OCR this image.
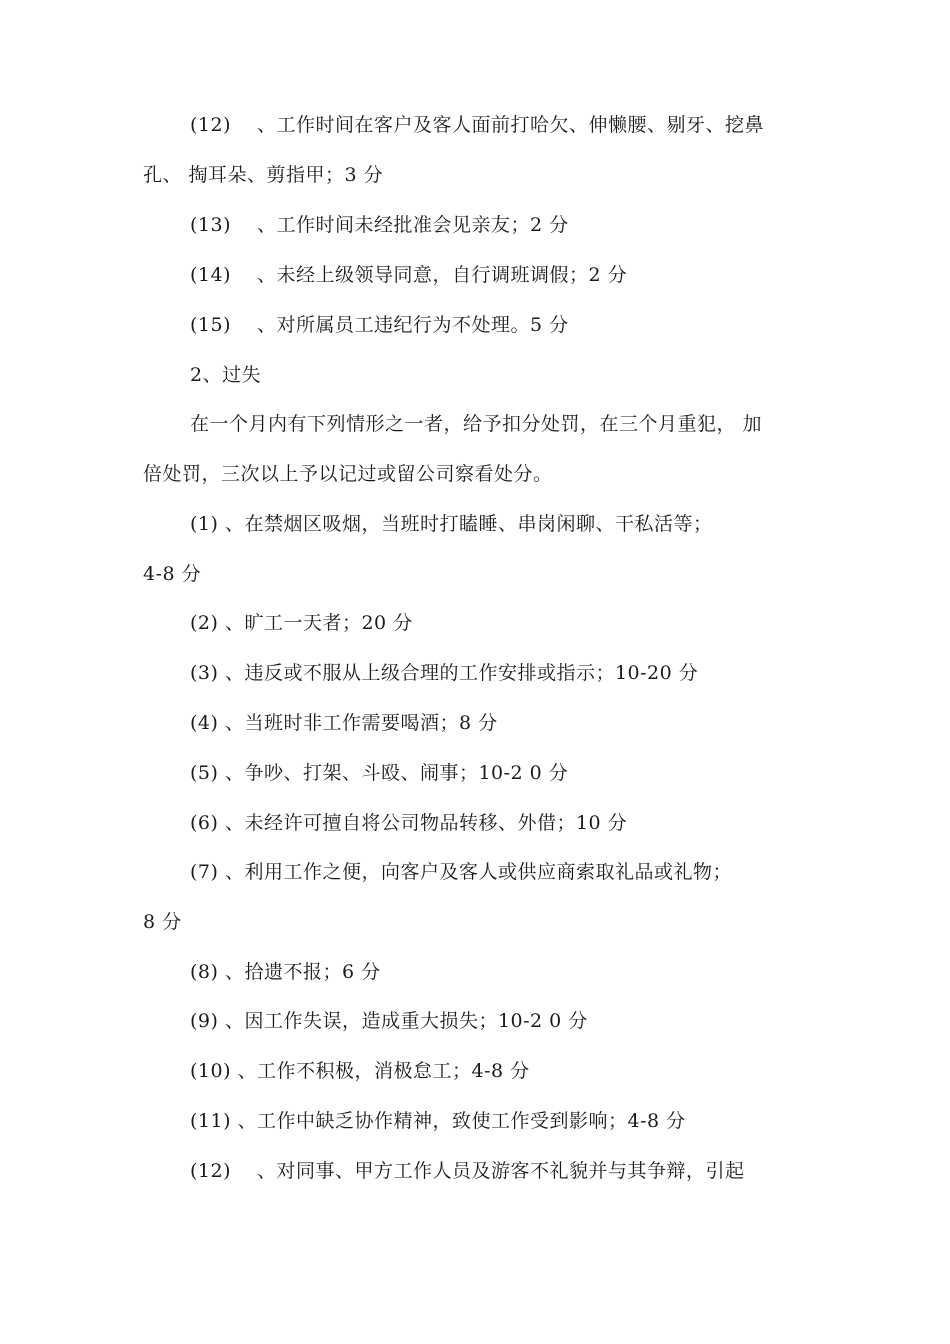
(12)　 、工作时间在客户及客人面前打哈欠、伸懒腰、剔牙、挖鼻
孔、 掏耳朵、剪指甲；3 分
(13)　 、工作时间未经批准会见亲友；2 分
(14)　 、未经上级领导同意，自行调班调假；2 分
(15)　 、对所属员工违纪行为不处理。5 分
2、过失
在一个月内有下列情形之一者，给予扣分处罚，在三个月重犯， 加
倍处罚，三次以上予以记过或留公司察看处分。
(1) 、在禁烟区吸烟，当班时打瞌睡、串岗闲聊、干私活等；
4-8 分
(2) 、旷工一天者；20 分
(3) 、违反或不服从上级合理的工作安排或指示；10-20 分
(4) 、当班时非工作需要喝酒；8 分
(5) 、争吵、打架、斗殴、闹事；10-2 0 分
(6) 、未经许可擅自将公司物品转移、外借；10 分
(7) 、利用工作之便，向客户及客人或供应商索取礼品或礼物；
8 分
(8) 、拾遗不报；6 分
(9) 、因工作失误，造成重大损失；10-2 0 分
(10) 、工作不积极，消极怠工；4-8 分
(11) 、工作中缺乏协作精神，致使工作受到影响；4-8 分
(12)　 、对同事、甲方工作人员及游客不礼貌并与其争辩，引起
